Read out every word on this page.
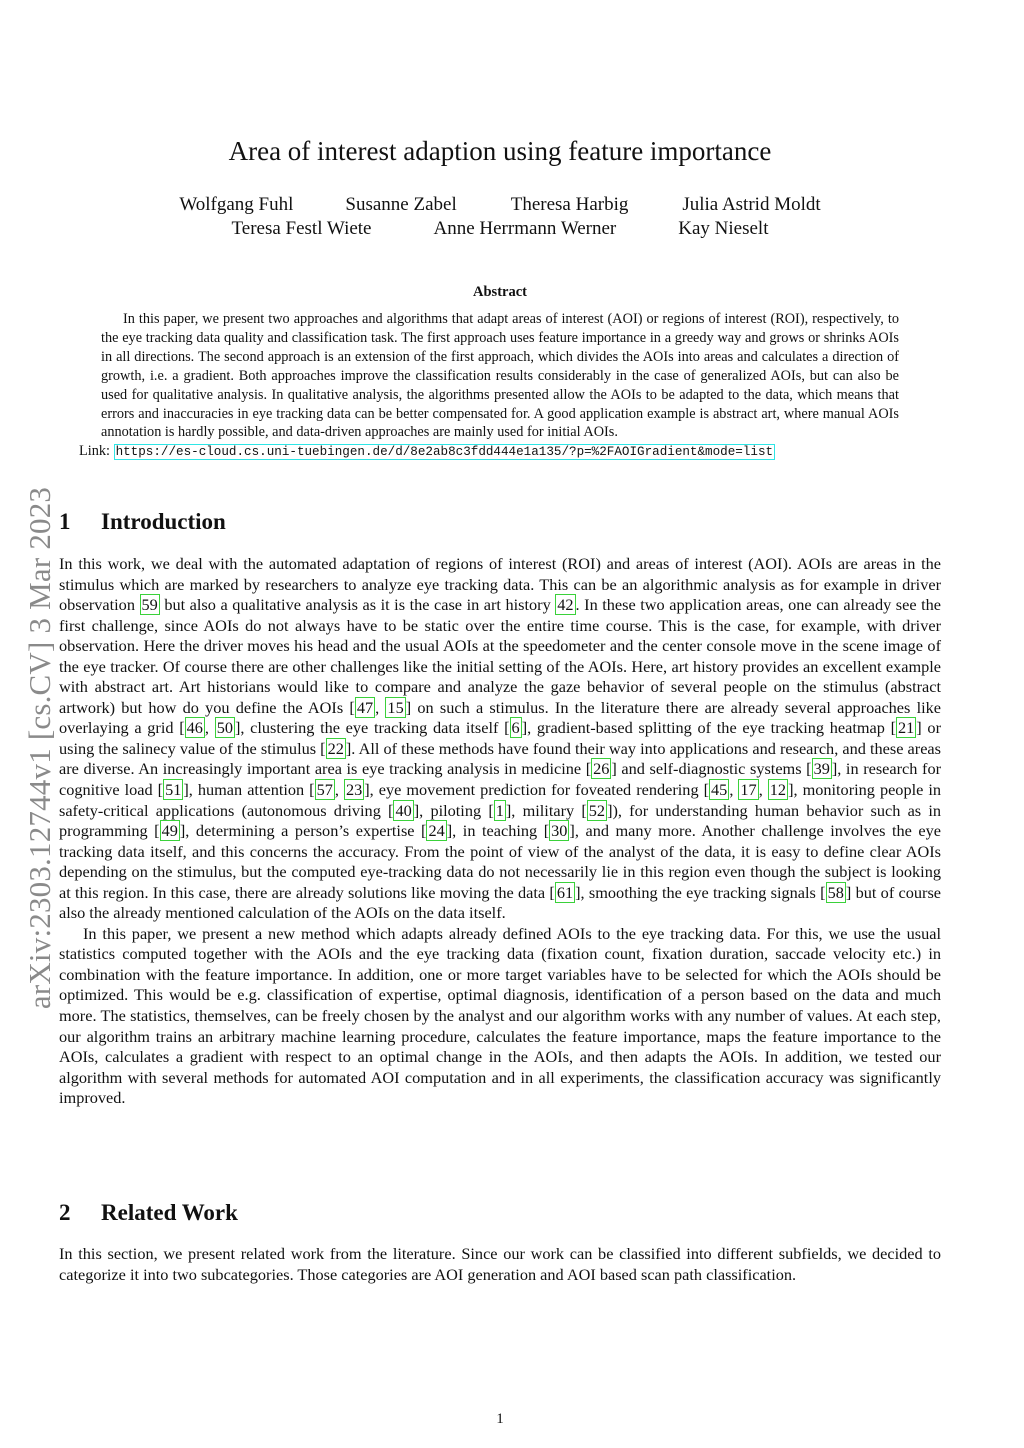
arXiv:2303.12744v1 [cs.CV] 3 Mar 2023
Area of interest adaption using feature importance
Wolfgang Fuhl	Susanne Zabel	Theresa Harbig	Julia Astrid Moldt
Teresa Festl Wiete	Anne Herrmann Werner	Kay Nieselt
Abstract
In this paper, we present two approaches and algorithms that adapt areas of interest (AOI) or regions of interest (ROI), respectively, to the eye tracking data quality and classification task. The first approach uses feature importance in a greedy way and grows or shrinks AOIs in all directions. The second approach is an extension of the first approach, which divides the AOIs into areas and calculates a direction of growth, i.e. a gradient. Both approaches improve the classification results considerably in the case of generalized AOIs, but can also be used for qualitative analysis. In qualitative analysis, the algorithms presented allow the AOIs to be adapted to the data, which means that errors and inaccuracies in eye tracking data can be better compensated for. A good application example is abstract art, where manual AOIs annotation is hardly possible, and data-driven approaches are mainly used for initial AOIs.
Link: https://es-cloud.cs.uni-tuebingen.de/d/8e2ab8c3fdd444e1a135/?p=%2FAOIGradient&mode=list
1 Introduction

In this work, we deal with the automated adaptation of regions of interest (ROI) and areas of interest (AOI). AOIs are areas in the stimulus which are marked by researchers to analyze eye tracking data. This can be an algorithmic analysis as for example in driver observation 59 but also a qualitative analysis as it is the case in art history 42 . In these two application areas, one can already see the first challenge, since AOIs do not always have to be static over the entire time course. This is the case, for example, with driver observation. Here the driver moves his head and the usual AOIs at the speedometer and the center console move in the scene image of the eye tracker. Of course there are other challenges like the initial setting of the AOIs. Here, art history provides an excellent example with abstract art. Art historians would like to compare and analyze the gaze behavior of several people on the stimulus (abstract artwork) but how do you define the AOIs [ 47 , 15 ] on such a stimulus. In the literature there are already several approaches like overlaying a grid [ 46 , 50 ], clustering the eye tracking data itself [ 6 ], gradient-based splitting of the eye tracking heatmap [ 21 ] or using the salinecy value of the stimulus [ 22 ]. All of these methods have found their way into applications and research, and these areas are diverse. An increasingly important area is eye tracking analysis in medicine [ 26 ] and self-diagnostic systems [ 39 ], in research for cognitive load [ 51 ], human attention [ 57 , 23 ], eye movement prediction for foveated rendering [ 45 , 17 , 12 ], monitoring people in safety-critical applications (autonomous driving [ 40 ], piloting [ 1 ], military [ 52 ]), for understanding human behavior such as in programming [ 49 ], determining a person’s expertise [ 24 ], in teaching [ 30 ], and many more. Another challenge involves the eye tracking data itself, and this concerns the accuracy. From the point of view of the analyst of the data, it is easy to define clear AOIs depending on the stimulus, but the computed eye-tracking data do not necessarily lie in this region even though the subject is looking at this region. In this case, there are already solutions like moving the data [ 61 ], smoothing the eye tracking signals [ 58 ] but of course also the already mentioned calculation of the AOIs on the data itself.

In this paper, we present a new method which adapts already defined AOIs to the eye tracking data. For this, we use the usual statistics computed together with the AOIs and the eye tracking data (fixation count, fixation duration, saccade velocity etc.) in combination with the feature importance. In addition, one or more target variables have to be selected for which the AOIs should be optimized. This would be e.g. classification of expertise, optimal diagnosis, identification of a person based on the data and much more. The statistics, themselves, can be freely chosen by the analyst and our algorithm works with any number of values. At each step, our algorithm trains an arbitrary machine learning procedure, calculates the feature importance, maps the feature importance to the AOIs, calculates a gradient with respect to an optimal change in the AOIs, and then adapts the AOIs. In addition, we tested our algorithm with several methods for automated AOI computation and in all experiments, the classification accuracy was significantly improved.

2 Related Work

In this section, we present related work from the literature. Since our work can be classified into different subfields, we decided to categorize it into two subcategories. Those categories are AOI generation and AOI based scan path classification.

1
